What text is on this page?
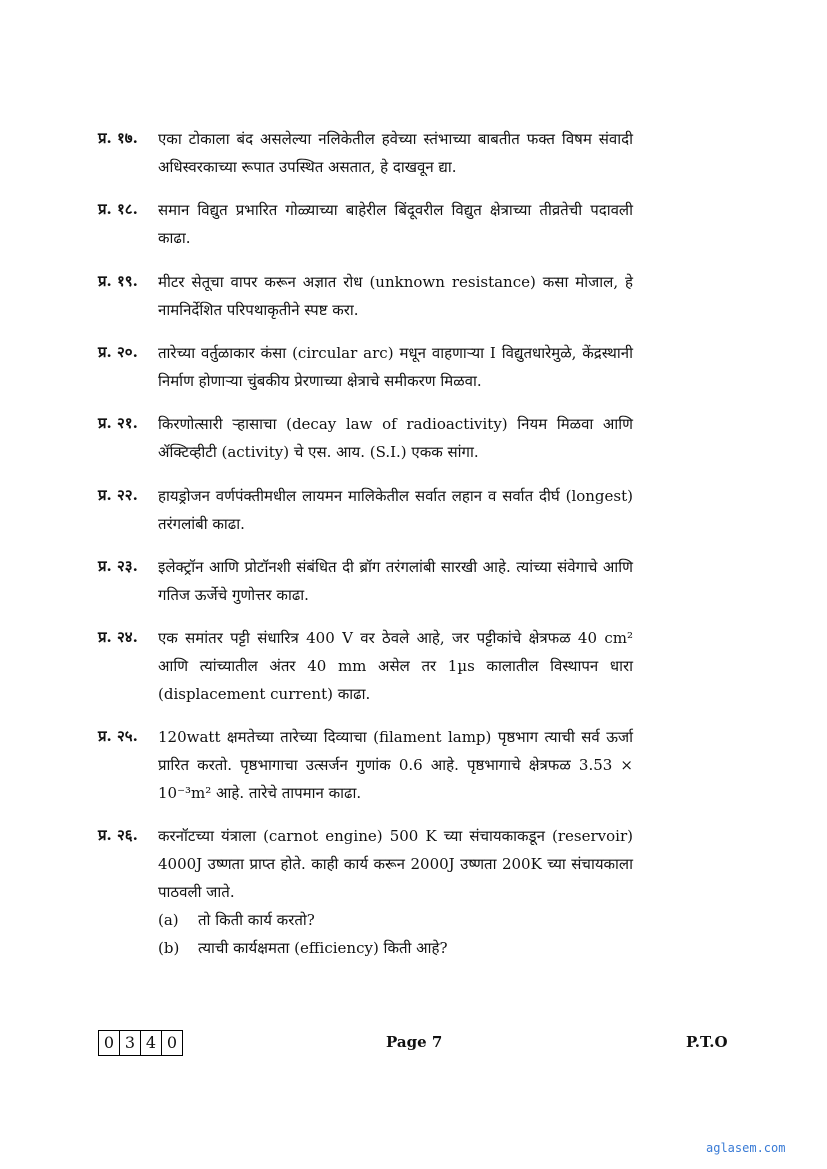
प्र. १७.	एका टोकाला बंद असलेल्या नलिकेतील हवेच्या स्तंभाच्या बाबतीत फक्त विषम संवादी अधिस्वरकाच्या रूपात उपस्थित असतात, हे दाखवून द्या.
प्र. १८.	समान विद्युत प्रभारित गोळ्याच्या बाहेरील बिंदूवरील विद्युत क्षेत्राच्या तीव्रतेची पदावली काढा.
प्र. १९.	मीटर सेतूचा वापर करून अज्ञात रोध (unknown resistance) कसा मोजाल, हे नामनिर्देशित परिपथाकृतीने स्पष्ट करा.
प्र. २०.	तारेच्या वर्तुळाकार कंसा (circular arc) मधून वाहणाऱ्या I विद्युतधारेमुळे, केंद्रस्थानी निर्माण होणाऱ्या चुंबकीय प्रेरणाच्या क्षेत्राचे समीकरण मिळवा.
प्र. २१.	किरणोत्सारी ऱ्हासाचा (decay law of radioactivity) नियम मिळवा आणि ॲक्टिव्हीटी (activity) चे एस. आय. (S.I.) एकक सांगा.
प्र. २२.	हायड्रोजन वर्णपंक्तीमधील लायमन मालिकेतील सर्वात लहान व सर्वात दीर्घ (longest) तरंगलांबी काढा.
प्र. २३.	इलेक्ट्रॉन आणि प्रोटॉनशी संबंधित दी ब्रॉग तरंगलांबी सारखी आहे. त्यांच्या संवेगाचे आणि गतिज ऊर्जेचे गुणोत्तर काढा.
प्र. २४.	एक समांतर पट्टी संधारित्र 400 V वर ठेवले आहे, जर पट्टीकांचे क्षेत्रफळ 40 cm² आणि त्यांच्यातील अंतर 40 mm असेल तर 1µs कालातील विस्थापन धारा (displacement current) काढा.
प्र. २५.	120watt क्षमतेच्या तारेच्या दिव्याचा (filament lamp) पृष्ठभाग त्याची सर्व ऊर्जा प्रारित करतो. पृष्ठभागाचा उत्सर्जन गुणांक 0.6 आहे. पृष्ठभागाचे क्षेत्रफळ 3.53 × 10⁻³m² आहे. तारेचे तापमान काढा.
प्र. २६.	करनॉटच्या यंत्राला (carnot engine) 500 K च्या संचायकाकडून (reservoir) 4000J उष्णता प्राप्त होते. काही कार्य करून 2000J उष्णता 200K च्या संचायकाला पाठवली जाते.
(a)	तो किती कार्य करतो?
(b)	त्याची कार्यक्षमता (efficiency) किती आहे?
0 3 4 0	Page 7	P.T.O
aglasem.com
